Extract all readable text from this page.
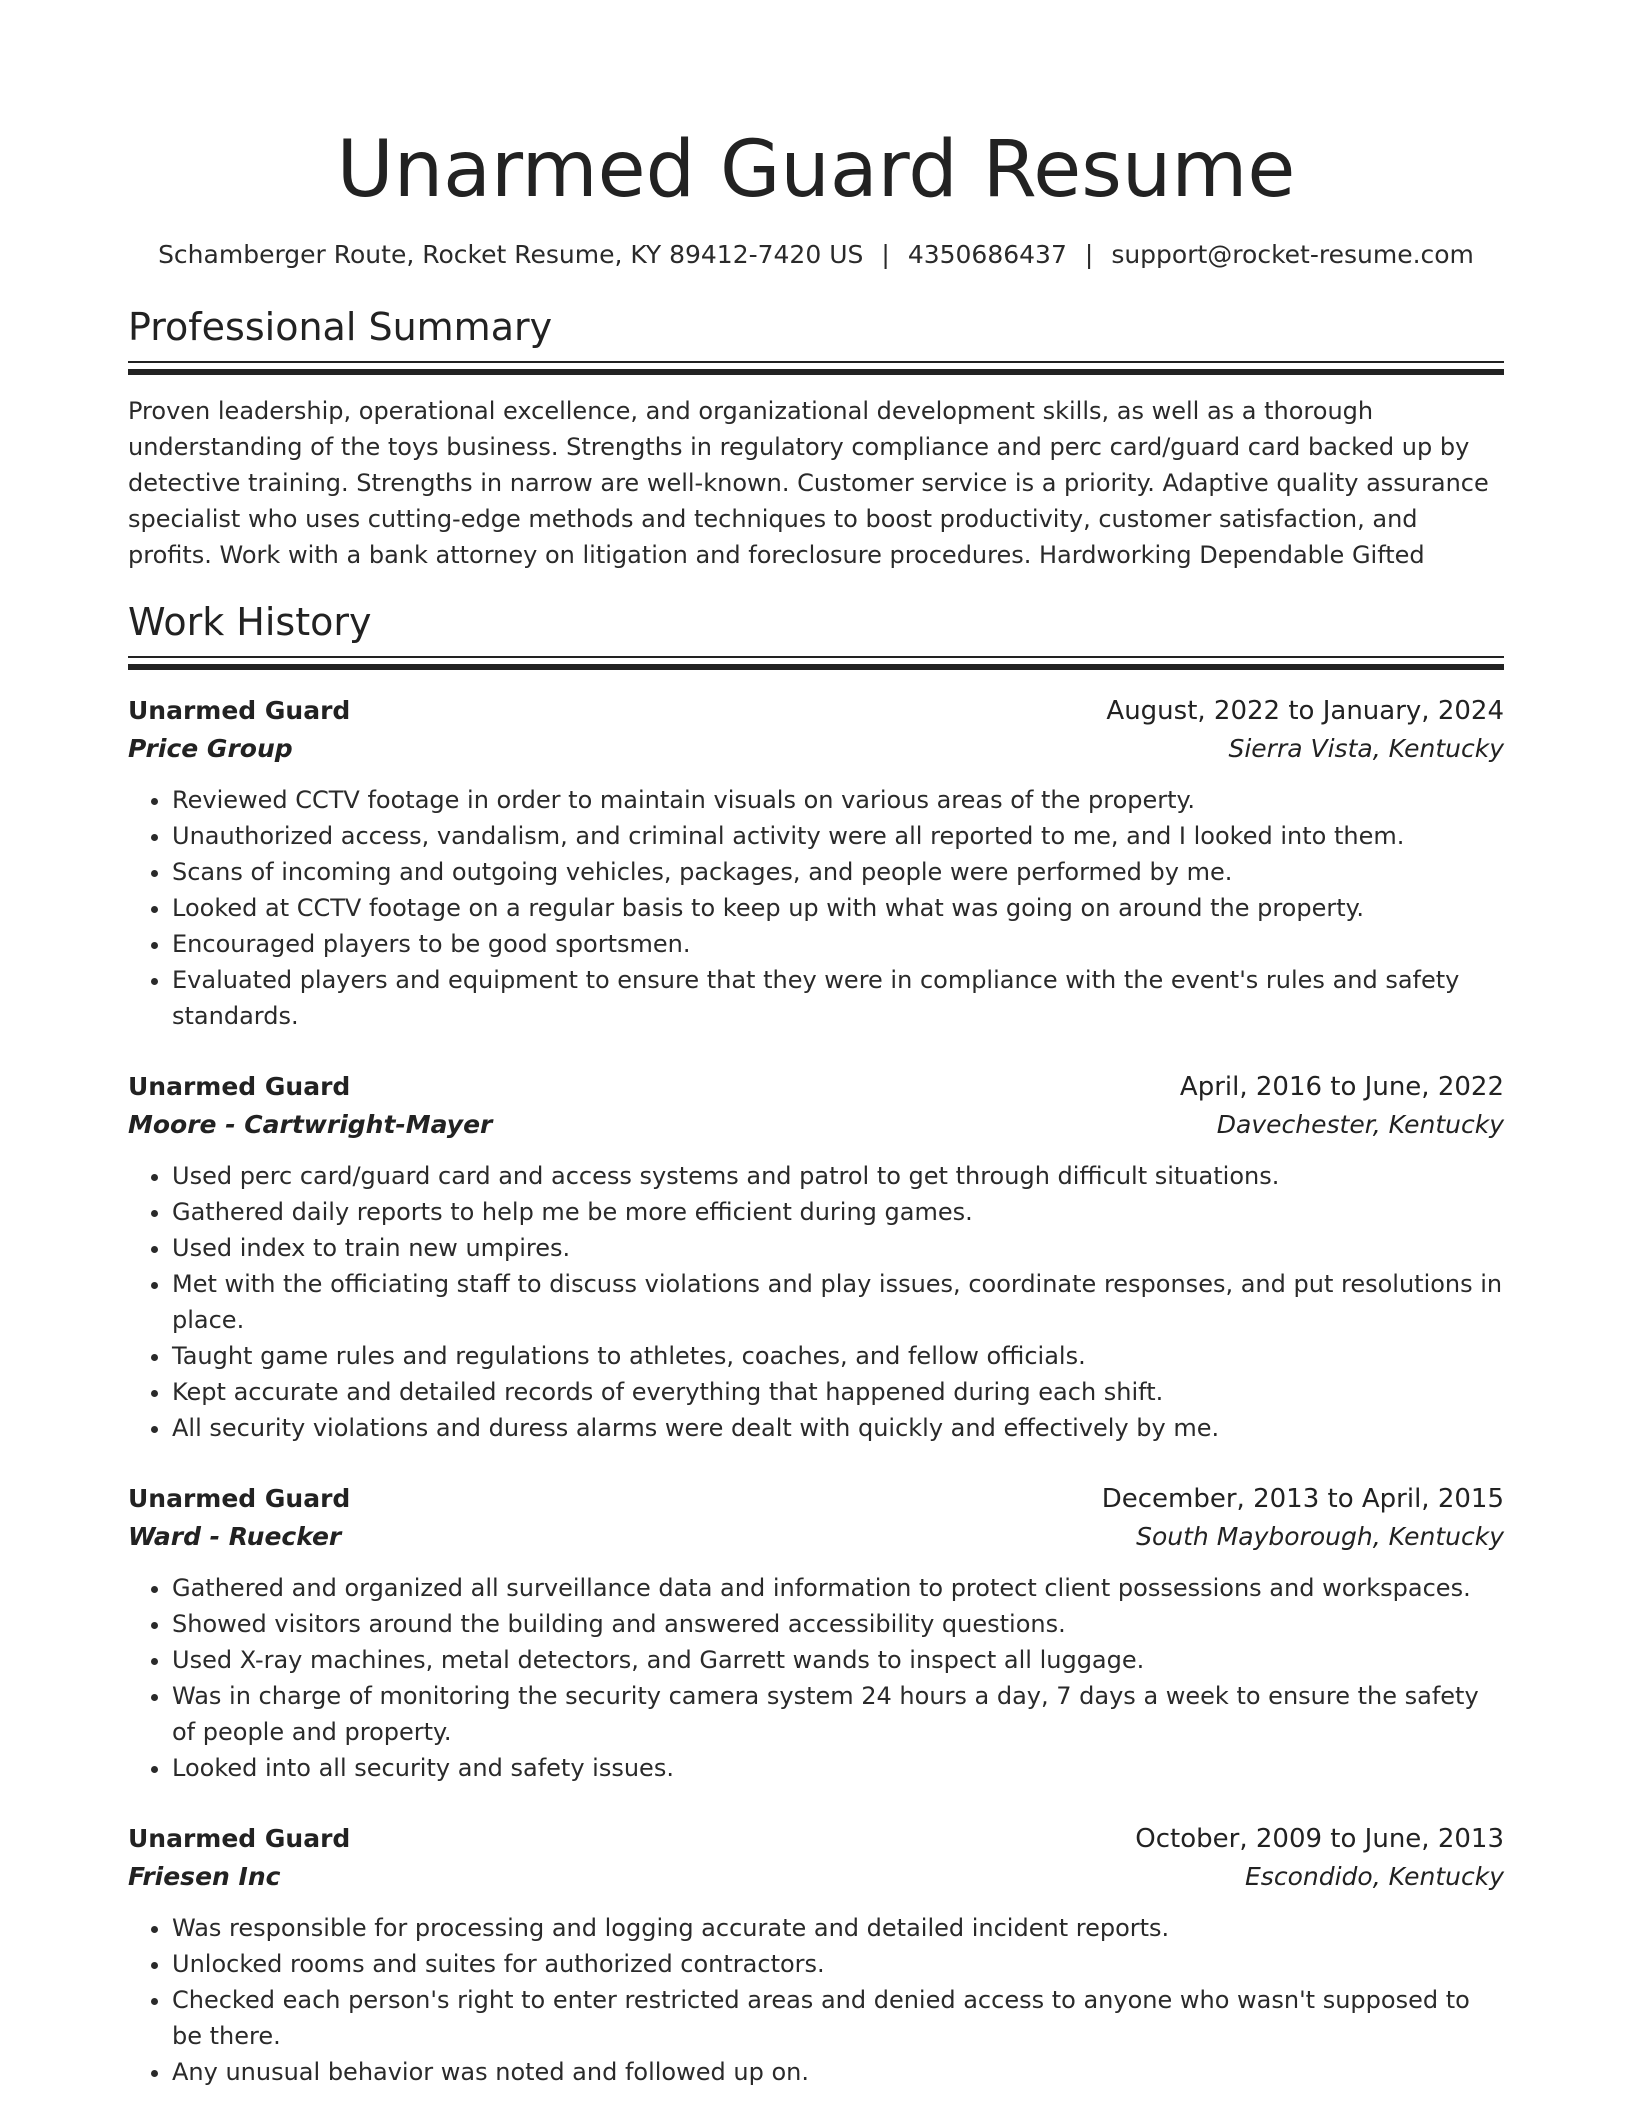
Unarmed Guard Resume
Schamberger Route, Rocket Resume, KY 89412-7420 US | 4350686437 | support@rocket-resume.com
Professional Summary

Proven leadership, operational excellence, and organizational development skills, as well as a thorough understanding of the toys business. Strengths in regulatory compliance and perc card/guard card backed up by detective training. Strengths in narrow are well-known. Customer service is a priority. Adaptive quality assurance specialist who uses cutting-edge methods and techniques to boost productivity, customer satisfaction, and profits. Work with a bank attorney on litigation and foreclosure procedures. Hardworking Dependable Gifted

Work History
Unarmed Guard	August, 2022 to January, 2024
Price Group	Sierra Vista, Kentucky
• Reviewed CCTV footage in order to maintain visuals on various areas of the property.
• Unauthorized access, vandalism, and criminal activity were all reported to me, and I looked into them.
• Scans of incoming and outgoing vehicles, packages, and people were performed by me.
• Looked at CCTV footage on a regular basis to keep up with what was going on around the property.
• Encouraged players to be good sportsmen.
• Evaluated players and equipment to ensure that they were in compliance with the event's rules and safety standards.
Unarmed Guard	April, 2016 to June, 2022
Moore - Cartwright-Mayer	Davechester, Kentucky
• Used perc card/guard card and access systems and patrol to get through difficult situations.
• Gathered daily reports to help me be more efficient during games.
• Used index to train new umpires.
• Met with the officiating staff to discuss violations and play issues, coordinate responses, and put resolutions in place.
• Taught game rules and regulations to athletes, coaches, and fellow officials.
• Kept accurate and detailed records of everything that happened during each shift.
• All security violations and duress alarms were dealt with quickly and effectively by me.
Unarmed Guard	December, 2013 to April, 2015
Ward - Ruecker	South Mayborough, Kentucky
• Gathered and organized all surveillance data and information to protect client possessions and workspaces.
• Showed visitors around the building and answered accessibility questions.
• Used X-ray machines, metal detectors, and Garrett wands to inspect all luggage.
• Was in charge of monitoring the security camera system 24 hours a day, 7 days a week to ensure the safety of people and property.
• Looked into all security and safety issues.
Unarmed Guard	October, 2009 to June, 2013
Friesen Inc	Escondido, Kentucky
• Was responsible for processing and logging accurate and detailed incident reports.
• Unlocked rooms and suites for authorized contractors.
• Checked each person's right to enter restricted areas and denied access to anyone who wasn't supposed to be there.
• Any unusual behavior was noted and followed up on.
